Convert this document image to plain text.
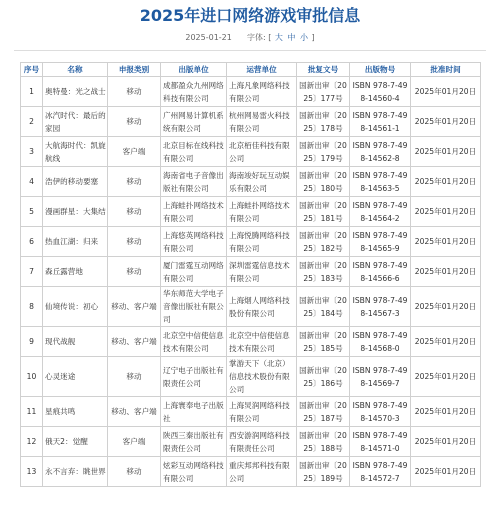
2025年进口网络游戏审批信息
2025-01-21 字体: [ 大 中 小 ]
序号	名称	申报类别	出版单位	运营单位	批复文号	出版物号	批准时间
1	奥特曼：光之战士	移动	成都盈众九州网络科技有限公司	上海凡象网络科技有限公司	国新出审〔2025〕177号	ISBN 978-7-498-14560-4	2025年01月20日
2	冰汽时代：最后的家园	移动	广州网易计算机系统有限公司	杭州网易雷火科技有限公司	国新出审〔2025〕178号	ISBN 978-7-498-14561-1	2025年01月20日
3	大航海时代：凯旋航线	客户端	北京目标在线科技有限公司	北京栢佳科技有限公司	国新出审〔2025〕179号	ISBN 978-7-498-14562-8	2025年01月20日
4	浩伊的移动要塞	移动	海南省电子音像出版社有限公司	海南竣好玩互动娱乐有限公司	国新出审〔2025〕180号	ISBN 978-7-498-14563-5	2025年01月20日
5	漫画群星：大集结	移动	上海蛙扑网络技术有限公司	上海蛙扑网络技术有限公司	国新出审〔2025〕181号	ISBN 978-7-498-14564-2	2025年01月20日
6	热血江湖：归来	移动	上海悠英网络科技有限公司	上海悦腾网络科技有限公司	国新出审〔2025〕182号	ISBN 978-7-498-14565-9	2025年01月20日
7	森丘露营地	移动	厦门雷霆互动网络有限公司	深圳雷霆信息技术有限公司	国新出审〔2025〕183号	ISBN 978-7-498-14566-6	2025年01月20日
8	仙境传说：初心	移动、客户端	华东师范大学电子音像出版社有限公司	上海烟人网络科技股份有限公司	国新出审〔2025〕184号	ISBN 978-7-498-14567-3	2025年01月20日
9	现代战舰	移动、客户端	北京空中信使信息技术有限公司	北京空中信使信息技术有限公司	国新出审〔2025〕185号	ISBN 978-7-498-14568-0	2025年01月20日
10	心灵迷途	移动	辽宁电子出版社有限责任公司	掌游天下（北京）信息技术股份有限公司	国新出审〔2025〕186号	ISBN 978-7-498-14569-7	2025年01月20日
11	星痕共鸣	移动、客户端	上海寰奉电子出版社	上海炅润网络科技有限公司	国新出审〔2025〕187号	ISBN 978-7-498-14570-3	2025年01月20日
12	俄天2：觉醒	客户端	陕西三秦出版社有限责任公司	西安游润网络科技有限责任公司	国新出审〔2025〕188号	ISBN 978-7-498-14571-0	2025年01月20日
13	永不言弃：眺世界	移动	炫彩互动网络科技有限公司	重庆邦邦科技有限公司	国新出审〔2025〕189号	ISBN 978-7-498-14572-7	2025年01月20日
